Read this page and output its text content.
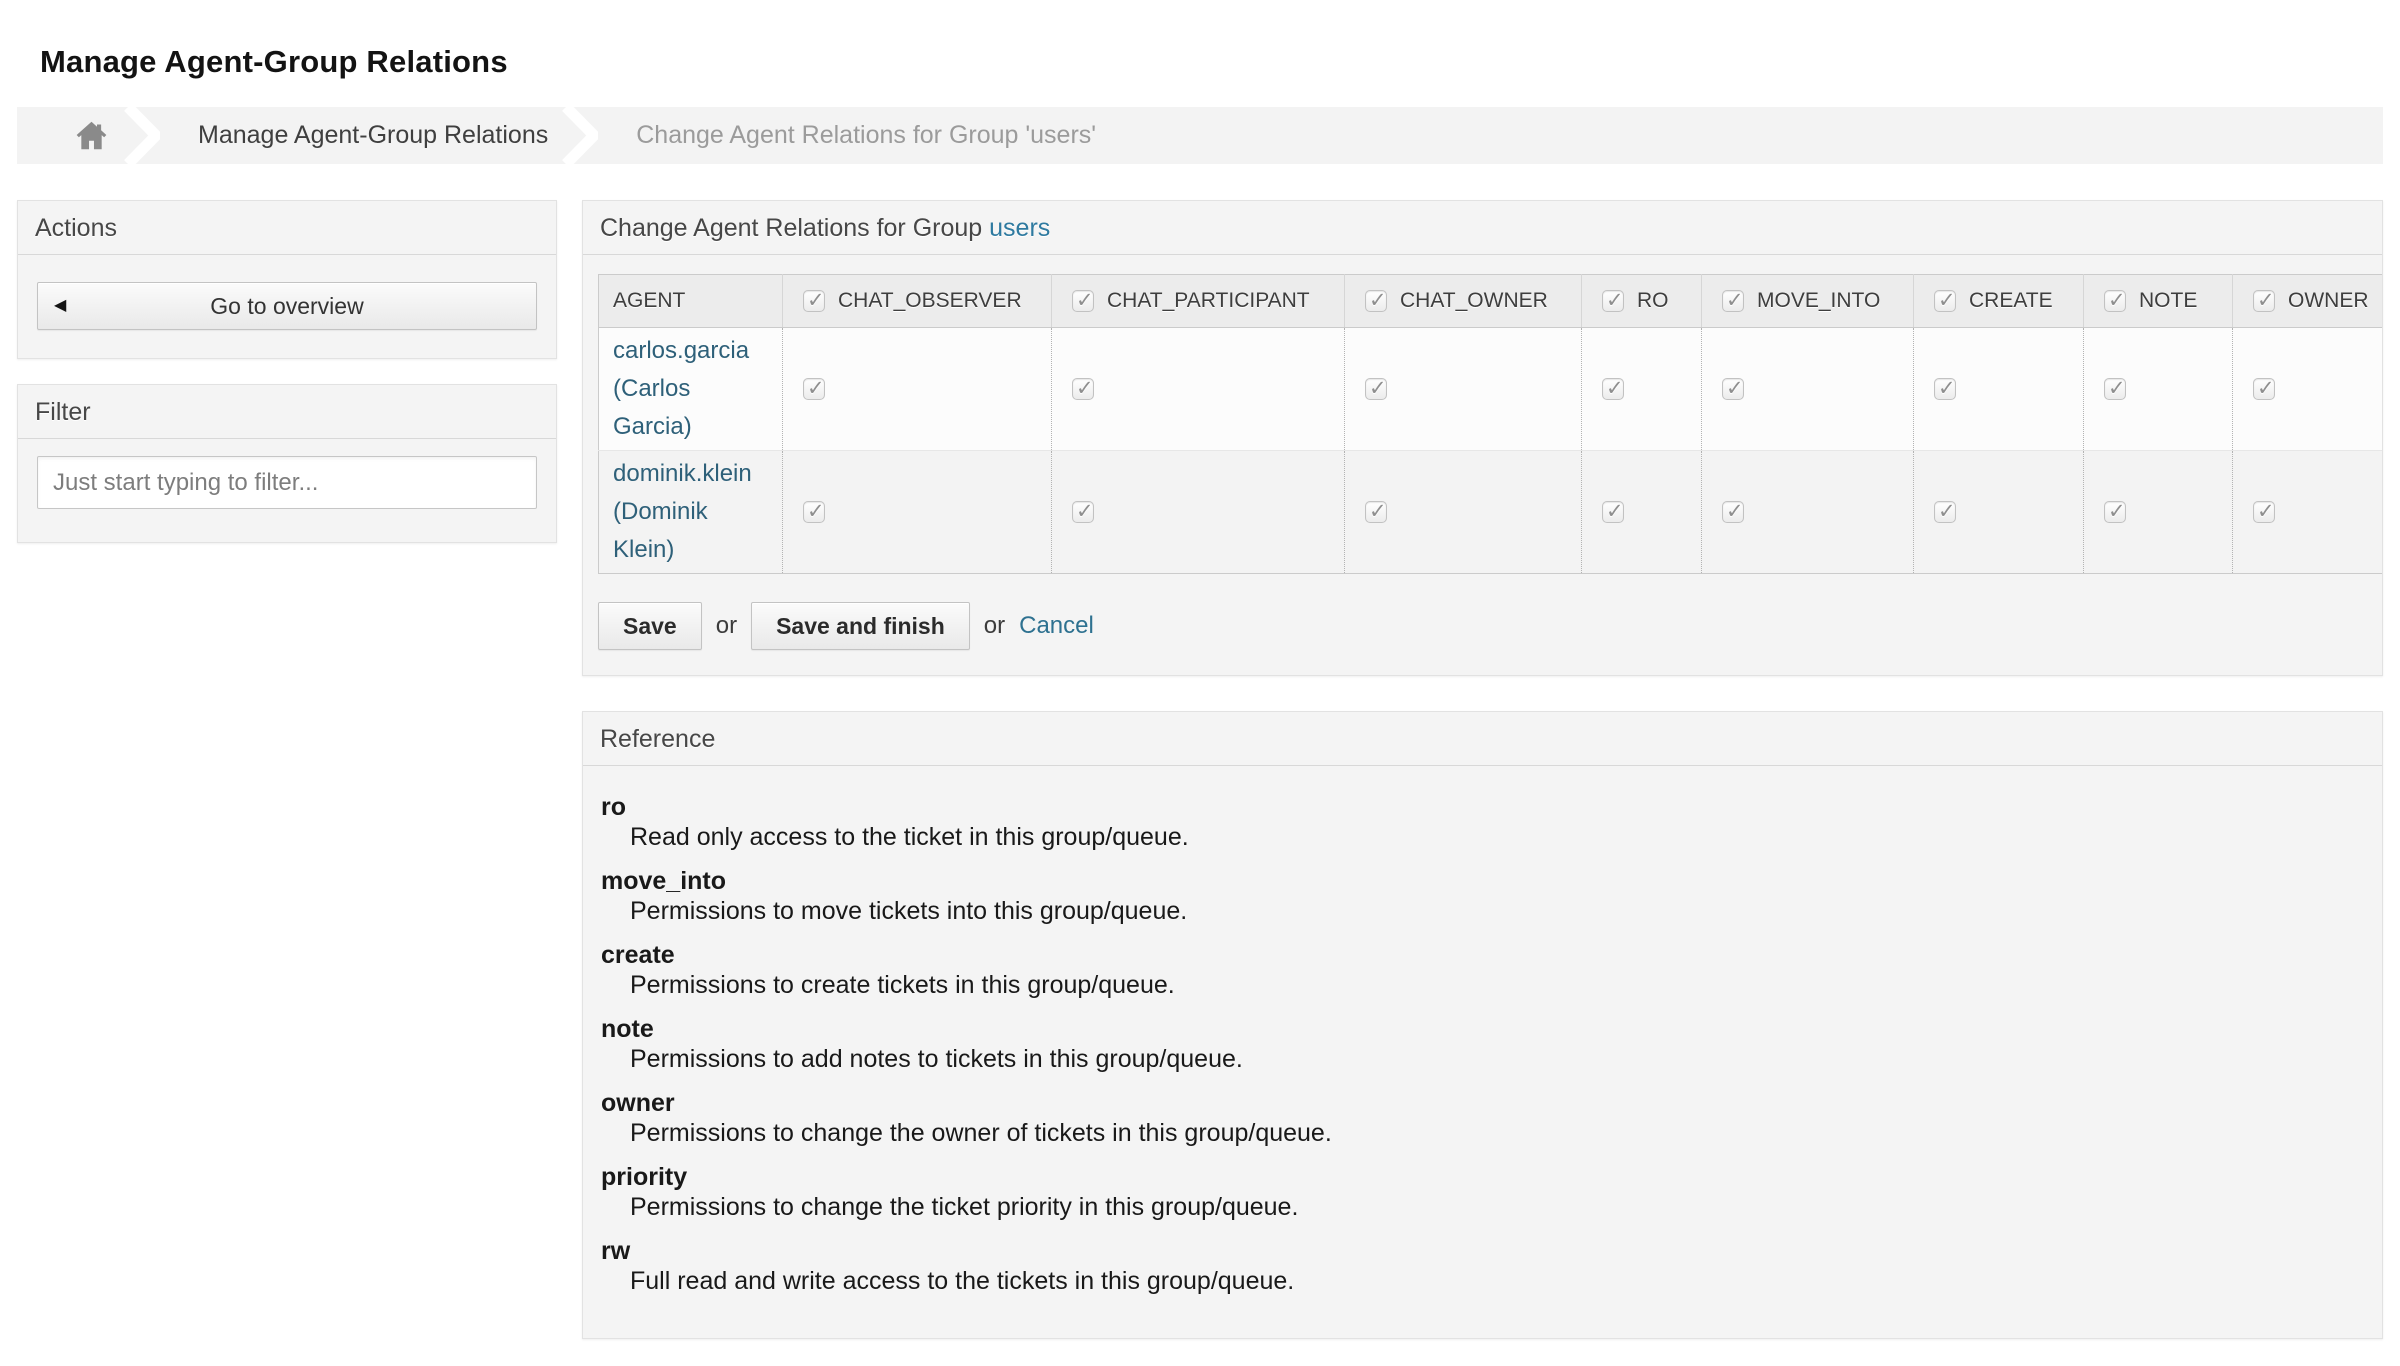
Manage Agent-Group Relations
Manage Agent-Group Relations	Change Agent Relations for Group 'users'
Actions
◀	Go to overview
Filter
Just start typing to filter...
Change Agent Relations for Group users
AGENT	✓CHAT_OBSERVER	✓CHAT_PARTICIPANT	✓CHAT_OWNER	✓RO	✓MOVE_INTO	✓CREATE	✓NOTE	✓OWNER
carlos.garcia (Carlos Garcia)	✓	✓	✓	✓	✓	✓	✓	✓
dominik.klein (Dominik Klein)	✓	✓	✓	✓	✓	✓	✓	✓
Save	or	Save and finish	or Cancel
Reference
ro
Read only access to the ticket in this group/queue.
move_into
Permissions to move tickets into this group/queue.
create
Permissions to create tickets in this group/queue.
note
Permissions to add notes to tickets in this group/queue.
owner
Permissions to change the owner of tickets in this group/queue.
priority
Permissions to change the ticket priority in this group/queue.
rw
Full read and write access to the tickets in this group/queue.
